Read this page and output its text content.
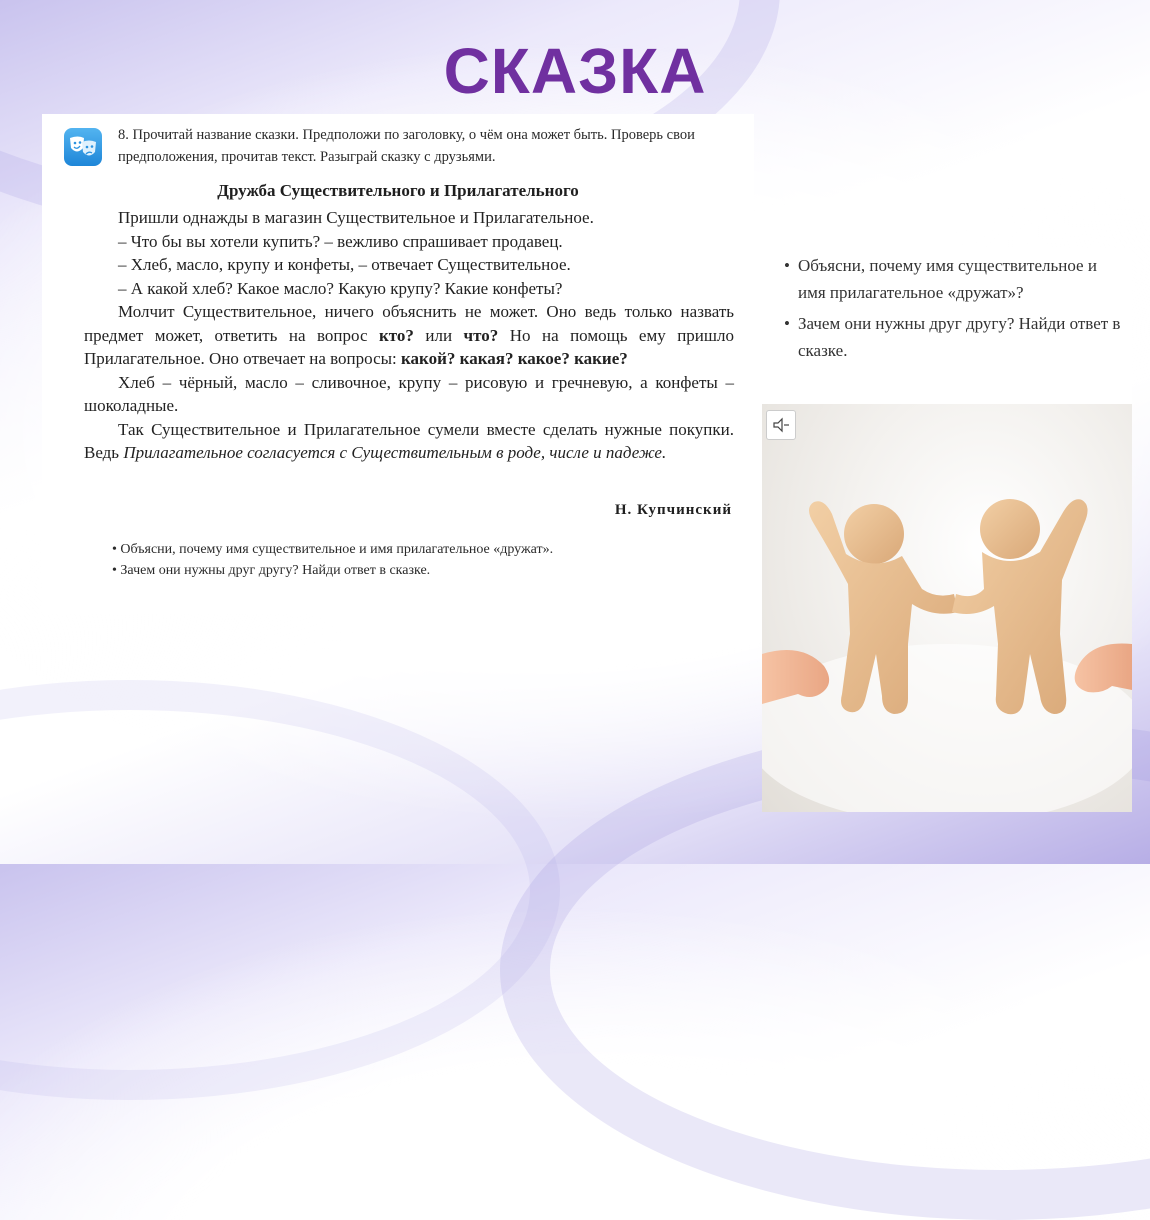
СКАЗКА
8. Прочитай название сказки. Предположи по заголовку, о чём она может быть. Проверь свои предположения, прочитав текст. Разыграй сказку с друзьями.
Дружба Существительного и Прилагательного

Пришли однажды в магазин Существительное и Прилагательное.

– Что бы вы хотели купить? – вежливо спрашивает продавец.

– Хлеб, масло, крупу и конфеты, – отвечает Существительное.

– А какой хлеб? Какое масло? Какую крупу? Какие конфеты?

Молчит Существительное, ничего объяснить не может. Оно ведь только назвать предмет может, ответить на вопрос кто? или что? Но на помощь ему пришло Прилагательное. Оно отвечает на вопросы: какой? какая? какое? какие?

Хлеб – чёрный, масло – сливочное, крупу – рисовую и гречневую, а конфеты – шоколадные.

Так Существительное и Прилагательное сумели вместе сделать нужные покупки. Ведь Прилагательное согласуется с Существительным в роде, числе и падеже.

Н. Купчинский
• Объясни, почему имя существительное и имя прилагательное «дружат».
• Зачем они нужны друг другу? Найди ответ в сказке.
• Объясни, почему имя существительное и имя прилагательное «дружат»?
• Зачем они нужны друг другу? Найди ответ в сказке.
